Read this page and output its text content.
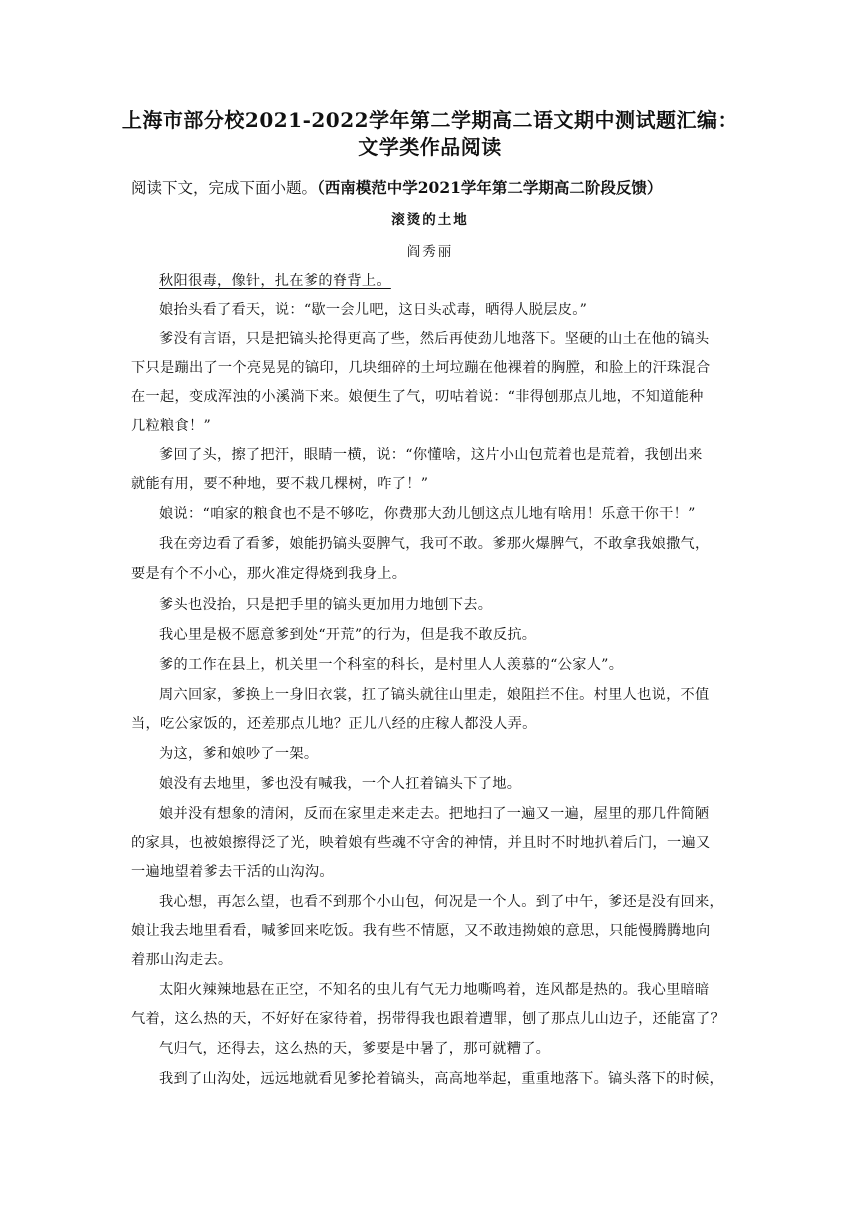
上海市部分校2021-2022学年第二学期高二语文期中测试题汇编：
文学类作品阅读
阅读下文，完成下面小题。（西南模范中学2021学年第二学期高二阶段反馈）
滚烫的土地
阎秀丽
秋阳很毒，像针，扎在爹的脊背上。
娘抬头看了看天，说：“歇一会儿吧，这日头忒毒，晒得人脱层皮。”
爹没有言语，只是把镐头抡得更高了些，然后再使劲儿地落下。坚硬的山土在他的镐头
下只是蹦出了一个亮晃晃的镐印，几块细碎的土坷垃蹦在他裸着的胸膛，和脸上的汗珠混合
在一起，变成浑浊的小溪淌下来。娘便生了气，叨咕着说：“非得刨那点儿地，不知道能种
几粒粮食！”
爹回了头，擦了把汗，眼睛一横，说：“你懂啥，这片小山包荒着也是荒着，我刨出来
就能有用，要不种地，要不栽几棵树，咋了！”
娘说：“咱家的粮食也不是不够吃，你费那大劲儿刨这点儿地有啥用！乐意干你干！”
我在旁边看了看爹，娘能扔镐头耍脾气，我可不敢。爹那火爆脾气，不敢拿我娘撒气，
要是有个不小心，那火准定得烧到我身上。
爹头也没抬，只是把手里的镐头更加用力地刨下去。
我心里是极不愿意爹到处“开荒”的行为，但是我不敢反抗。
爹的工作在县上，机关里一个科室的科长，是村里人人羡慕的“公家人”。
周六回家，爹换上一身旧衣裳，扛了镐头就往山里走，娘阻拦不住。村里人也说，不值
当，吃公家饭的，还差那点儿地？正儿八经的庄稼人都没人弄。
为这，爹和娘吵了一架。
娘没有去地里，爹也没有喊我，一个人扛着镐头下了地。
娘并没有想象的清闲，反而在家里走来走去。把地扫了一遍又一遍，屋里的那几件简陋
的家具，也被娘擦得泛了光，映着娘有些魂不守舍的神情，并且时不时地扒着后门，一遍又
一遍地望着爹去干活的山沟沟。
我心想，再怎么望，也看不到那个小山包，何况是一个人。到了中午，爹还是没有回来，
娘让我去地里看看，喊爹回来吃饭。我有些不情愿，又不敢违拗娘的意思，只能慢腾腾地向
着那山沟走去。
太阳火辣辣地悬在正空，不知名的虫儿有气无力地嘶鸣着，连风都是热的。我心里暗暗
气着，这么热的天，不好好在家待着，拐带得我也跟着遭罪，刨了那点儿山边子，还能富了？
气归气，还得去，这么热的天，爹要是中暑了，那可就糟了。
我到了山沟处，远远地就看见爹抡着镐头，高高地举起，重重地落下。镐头落下的时候，
